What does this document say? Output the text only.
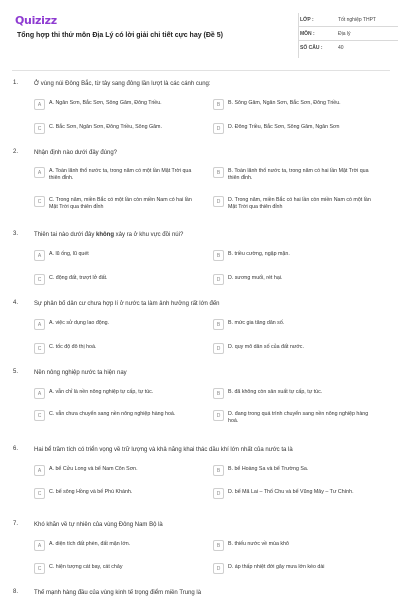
Quizizz
Tổng hợp thi thử môn Địa Lý có lời giải chi tiết cực hay (Đề 5)
LỚP :	Tốt nghiệp THPT
MÔN :	Địa lý
SỐ CÂU :	40
1.	Ở vùng núi Đông Bắc, từ tây sang đông lần lượt là các cánh cung:
A	A. Ngân Sơn, Bắc Sơn, Sông Gâm, Đông Triều.	B	B. Sông Gâm, Ngân Sơn, Bắc Sơn, Đông Triều.
C	C. Bắc Sơn, Ngân Sơn, Đông Triều, Sông Gâm.	D	D. Đông Triều, Bắc Sơn, Sông Gâm, Ngân Sơn
2.	Nhận định nào dưới đây đúng?
A	A. Toàn lãnh thổ nước ta, trong năm có một lần Mặt Trời qua thiên đỉnh.
B	B. Toàn lãnh thổ nước ta, trong năm có hai lần Mặt Trời qua thiên đỉnh.
C	C. Trong năm, miền Bắc có một lần còn miền Nam có hai lần Mặt Trời qua thiên đỉnh
D	D. Trong năm, miền Bắc có hai lần còn miền Nam có một lần Mặt Trời qua thiên đỉnh
3.	Thiên tai nào dưới đây không xảy ra ở khu vực đồi núi?
A	A. lũ ống, lũ quét	B	B. triều cường, ngập mặn.
C	C. động đất, trượt lở đất.	D	D. sương muối, rét hại.
4.	Sự phân bố dân cư chưa hợp lí ở nước ta làm ảnh hưởng rất lớn đến
A	A. việc sử dụng lao động.	B	B. mức gia tăng dân số.
C	C. tốc độ đô thị hoá.	D	D. quy mô dân số của đất nước.
5.	Nền nông nghiệp nước ta hiện nay
A	A. vẫn chỉ là nền nông nghiệp tự cấp, tự túc.	B	B. đã không còn sản xuất tự cấp, tự túc.
C	C. vẫn chưa chuyển sang nền nông nghiệp hàng hoá.	D	D. đang trong quá trình chuyển sang nền nông nghiệp hàng hoá.
6.	Hai bể trầm tích có triển vọng về trữ lượng và khả năng khai thác dầu khí lớn nhất của nước ta là
A	A. bể Cửu Long và bể Nam Côn Sơn.	B	B. bể Hoàng Sa và bể Trường Sa.
C	C. bể sông Hồng và bể Phú Khánh.	D	D. bể Mã Lai – Thổ Chu và bể Vũng Mây – Tư Chính.
7.	Khó khăn về tự nhiên của vùng Đông Nam Bộ là
A	A. diện tích đất phèn, đất mặn lớn.	B	B. thiếu nước về mùa khô
C	C. hiện tượng cát bay, cát chảy	D	D. áp thấp nhiệt đới gây mưa lớn kéo dài
8.	Thế mạnh hàng đầu của vùng kinh tế trọng điểm miền Trung là
